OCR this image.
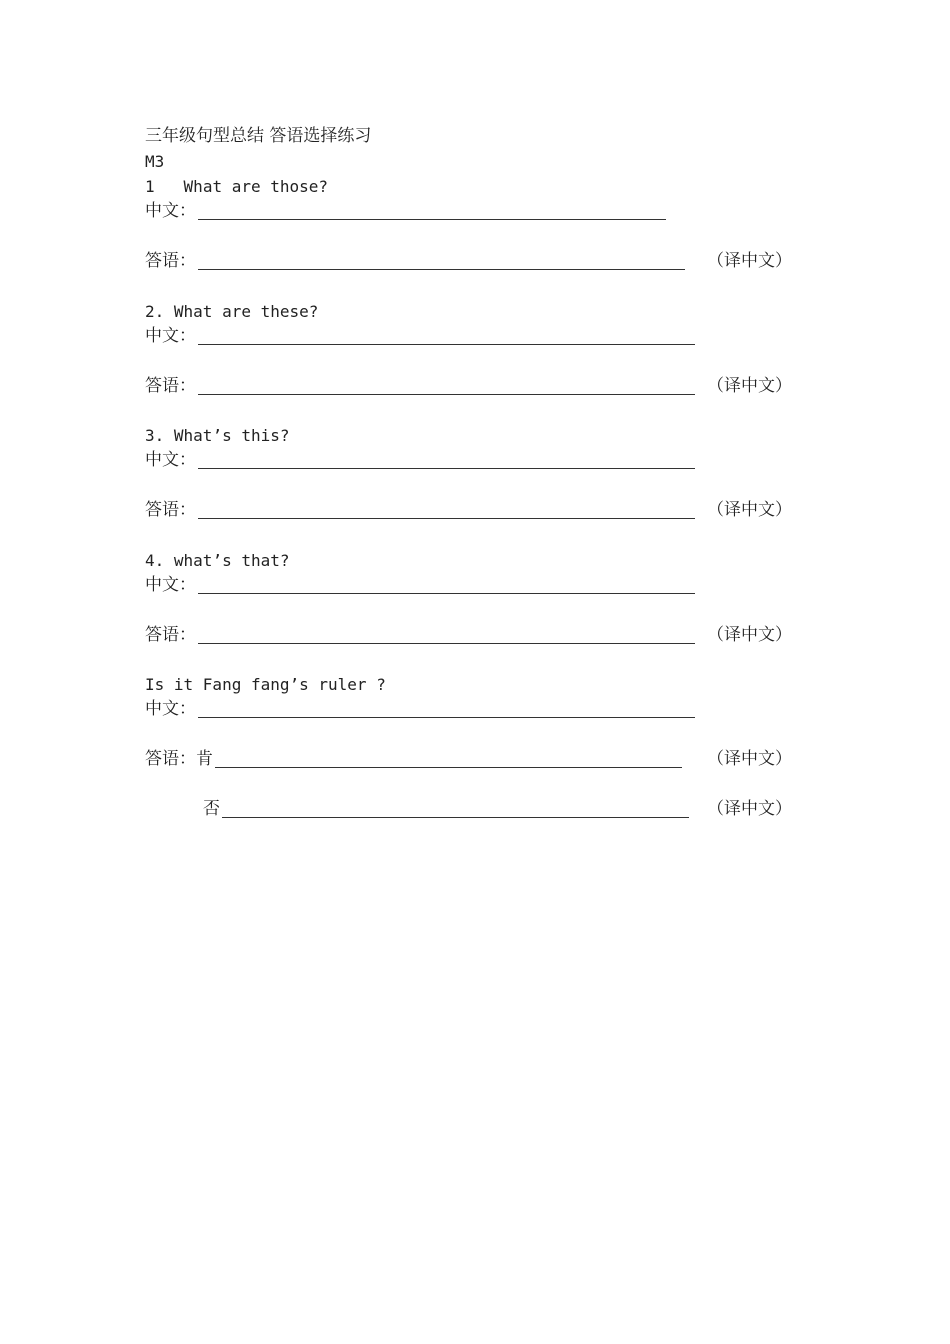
三年级句型总结 答语选择练习
M3
1
What are those?
中文：
答语：	（译中文）
2.
What are these?
中文：
答语：	（译中文）
3.
What’s this?
中文：
答语：	（译中文）
4.
what’s that?
中文：
答语：	（译中文）
Is it Fang fang’s ruler ?
中文：
答语： 肯	（译中文）
否	（译中文）
